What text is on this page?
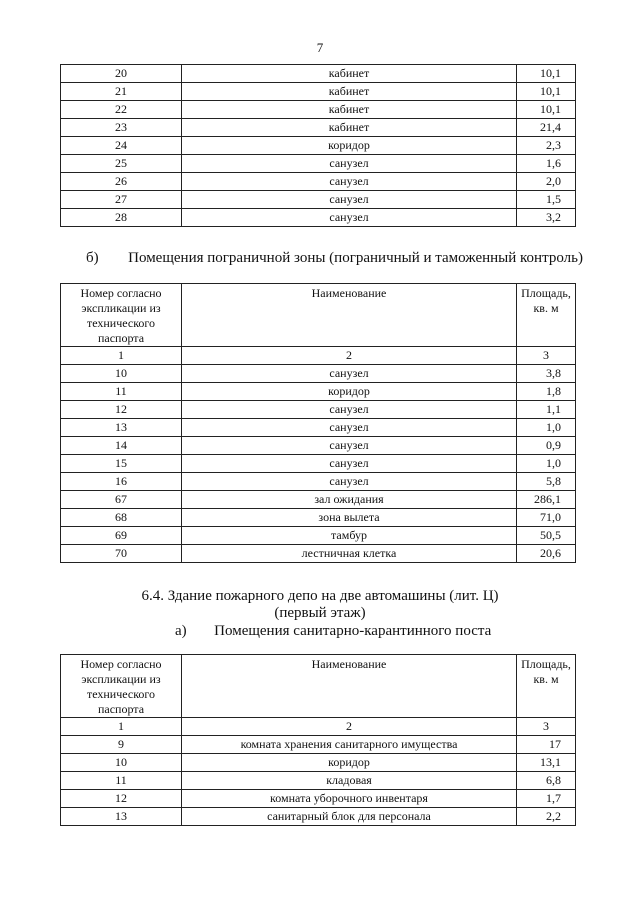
7
20	кабинет	10,1
21	кабинет	10,1
22	кабинет	10,1
23	кабинет	21,4
24	коридор	2,3
25	санузел	1,6
26	санузел	2,0
27	санузел	1,5
28	санузел	3,2
б) Помещения пограничной зоны (пограничный и таможенный контроль)
Номер согласно экспликации из технического паспорта	Наименование	Площадь, кв. м
1	2	3
10	санузел	3,8
11	коридор	1,8
12	санузел	1,1
13	санузел	1,0
14	санузел	0,9
15	санузел	1,0
16	санузел	5,8
67	зал ожидания	286,1
68	зона вылета	71,0
69	тамбур	50,5
70	лестничная клетка	20,6
6.4. Здание пожарного депо на две автомашины (лит. Ц)
(первый этаж)
а) Помещения санитарно-карантинного поста
Номер согласно экспликации из технического паспорта	Наименование	Площадь, кв. м
1	2	3
9	комната хранения санитарного имущества	17
10	коридор	13,1
11	кладовая	6,8
12	комната уборочного инвентаря	1,7
13	санитарный блок для персонала	2,2
